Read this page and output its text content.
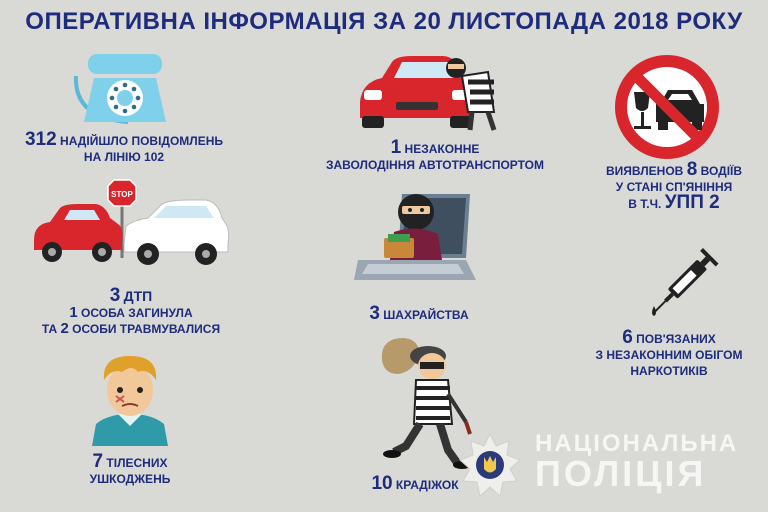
ОПЕРАТИВНА ІНФОРМАЦІЯ ЗА 20 ЛИСТОПАДА 2018 РОКУ
312 НАДІЙШЛО ПОВІДОМЛЕНЬ
НА ЛІНІЮ 102	1 НЕЗАКОННЕ
ЗАВОЛОДІННЯ АВТОТРАНСПОРТОМ	ВИЯВЛЕНОВ 8 ВОДІЇВ
У СТАНІ СП'ЯНІННЯ
В Т.Ч. УПП 2
STOP
3 ДТП
1 ОСОБА ЗАГИНУЛА
ТА 2 ОСОБИ ТРАВМУВАЛИСЯ
3 ШАХРАЙСТВА
6 ПОВ'ЯЗАНИХ
З НЕЗАКОННИМ ОБІГОМ
НАРКОТИКІВ
7 ТІЛЕСНИХ
УШКОДЖЕНЬ	10 КРАДІЖОК
НАЦІОНАЛЬНА
ПОЛІЦІЯ
